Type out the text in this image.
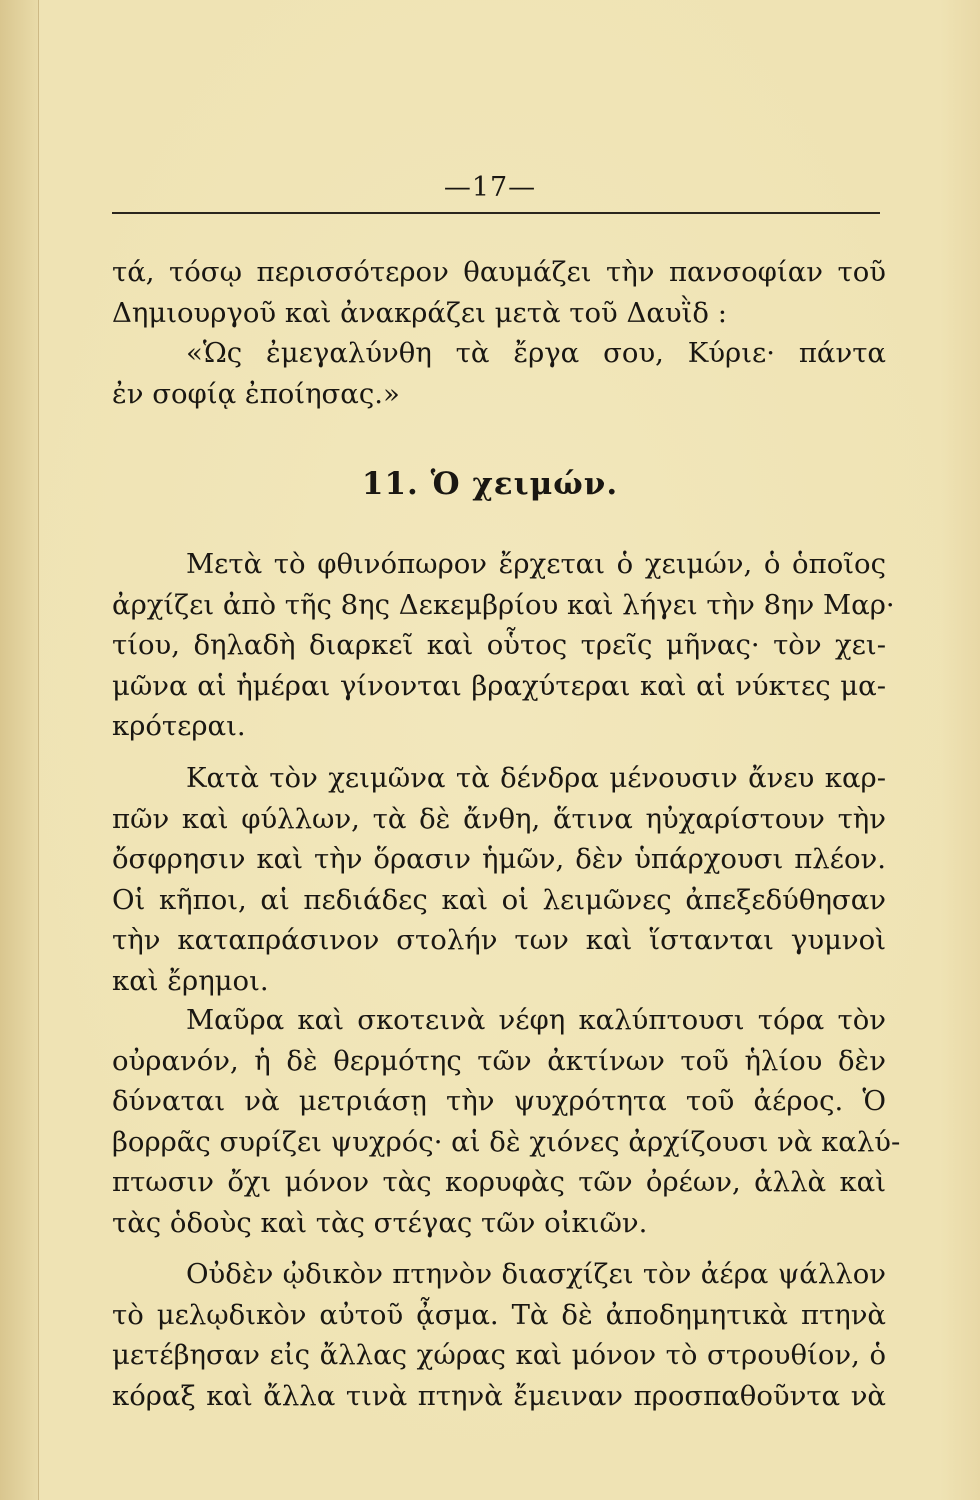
—17—
τά, τόσῳ περισσότερον θαυμάζει τὴν πανσοφίαν τοῦ
Δημιουργοῦ καὶ ἀνακράζει μετὰ τοῦ Δαυῒδ :
«Ὡς ἐμεγαλύνθη τὰ ἔργα σου, Κύριε· πάντα
ἐν σοφίᾳ ἐποίησας.»
11. Ὁ χειμών.
Μετὰ τὸ φθινόπωρον ἔρχεται ὁ χειμών, ὁ ὁποῖος
ἀρχίζει ἀπὸ τῆς 8ης Δεκεμβρίου καὶ λήγει τὴν 8ην Μαρ·
τίου, δηλαδὴ διαρκεῖ καὶ οὗτος τρεῖς μῆνας· τὸν χει-
μῶνα αἱ ἡμέραι γίνονται βραχύτεραι καὶ αἱ νύκτες μα-
κρότεραι.
Κατὰ τὸν χειμῶνα τὰ δένδρα μένουσιν ἄνευ καρ-
πῶν καὶ φύλλων, τὰ δὲ ἄνθη, ἅτινα ηὐχαρίστουν τὴν
ὄσφρησιν καὶ τὴν ὅρασιν ἡμῶν, δὲν ὑπάρχουσι πλέον.
Οἱ κῆποι, αἱ πεδιάδες καὶ οἱ λειμῶνες ἀπεξεδύθησαν
τὴν καταπράσινον στολήν των καὶ ἵστανται γυμνοὶ
καὶ ἔρημοι.
Μαῦρα καὶ σκοτεινὰ νέφη καλύπτουσι τόρα τὸν
οὐρανόν, ἡ δὲ θερμότης τῶν ἀκτίνων τοῦ ἡλίου δὲν
δύναται νὰ μετριάσῃ τὴν ψυχρότητα τοῦ ἀέρος. Ὁ
βορρᾶς συρίζει ψυχρός· αἱ δὲ χιόνες ἀρχίζουσι νὰ καλύ-
πτωσιν ὄχι μόνον τὰς κορυφὰς τῶν ὀρέων, ἀλλὰ καὶ
τὰς ὁδοὺς καὶ τὰς στέγας τῶν οἰκιῶν.
Οὐδὲν ᾠδικὸν πτηνὸν διασχίζει τὸν ἀέρα ψάλλον
τὸ μελῳδικὸν αὐτοῦ ᾆσμα. Τὰ δὲ ἀποδημητικὰ πτηνὰ
μετέβησαν εἰς ἄλλας χώρας καὶ μόνον τὸ στρουθίον, ὁ
κόραξ καὶ ἄλλα τινὰ πτηνὰ ἔμειναν προσπαθοῦντα νὰ
